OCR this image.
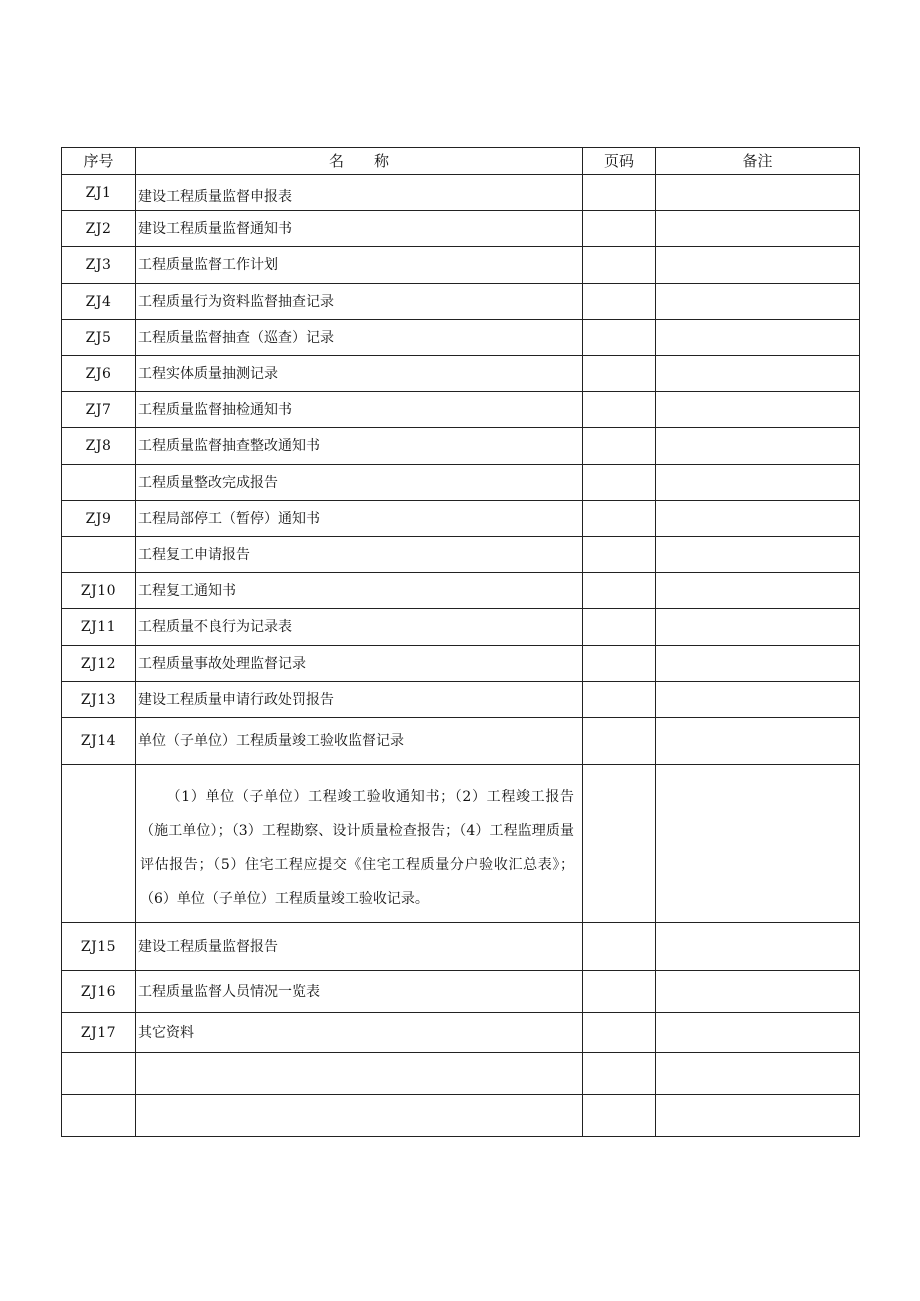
序号	名　　称	页码	备注
ZJ1	建设工程质量监督申报表		
ZJ2	建设工程质量监督通知书		
ZJ3	工程质量监督工作计划		
ZJ4	工程质量行为资料监督抽查记录		
ZJ5	工程质量监督抽查（巡查）记录		
ZJ6	工程实体质量抽测记录		
ZJ7	工程质量监督抽检通知书		
ZJ8	工程质量监督抽查整改通知书		
	工程质量整改完成报告		
ZJ9	工程局部停工（暂停）通知书		
	工程复工申请报告		
ZJ10	工程复工通知书		
ZJ11	工程质量不良行为记录表		
ZJ12	工程质量事故处理监督记录		
ZJ13	建设工程质量申请行政处罚报告		
ZJ14	单位（子单位）工程质量竣工验收监督记录		

	（1）单位（子单位）工程竣工验收通知书；（2）工程竣工报告（施工单位）；（3）工程勘察、设计质量检查报告；（4）工程监理质量评估报告；（5）住宅工程应提交《住宅工程质量分户验收汇总表》；（6）单位（子单位）工程质量竣工验收记录。		

ZJ15	建设工程质量监督报告		
ZJ16	工程质量监督人员情况一览表		
ZJ17	其它资料		
